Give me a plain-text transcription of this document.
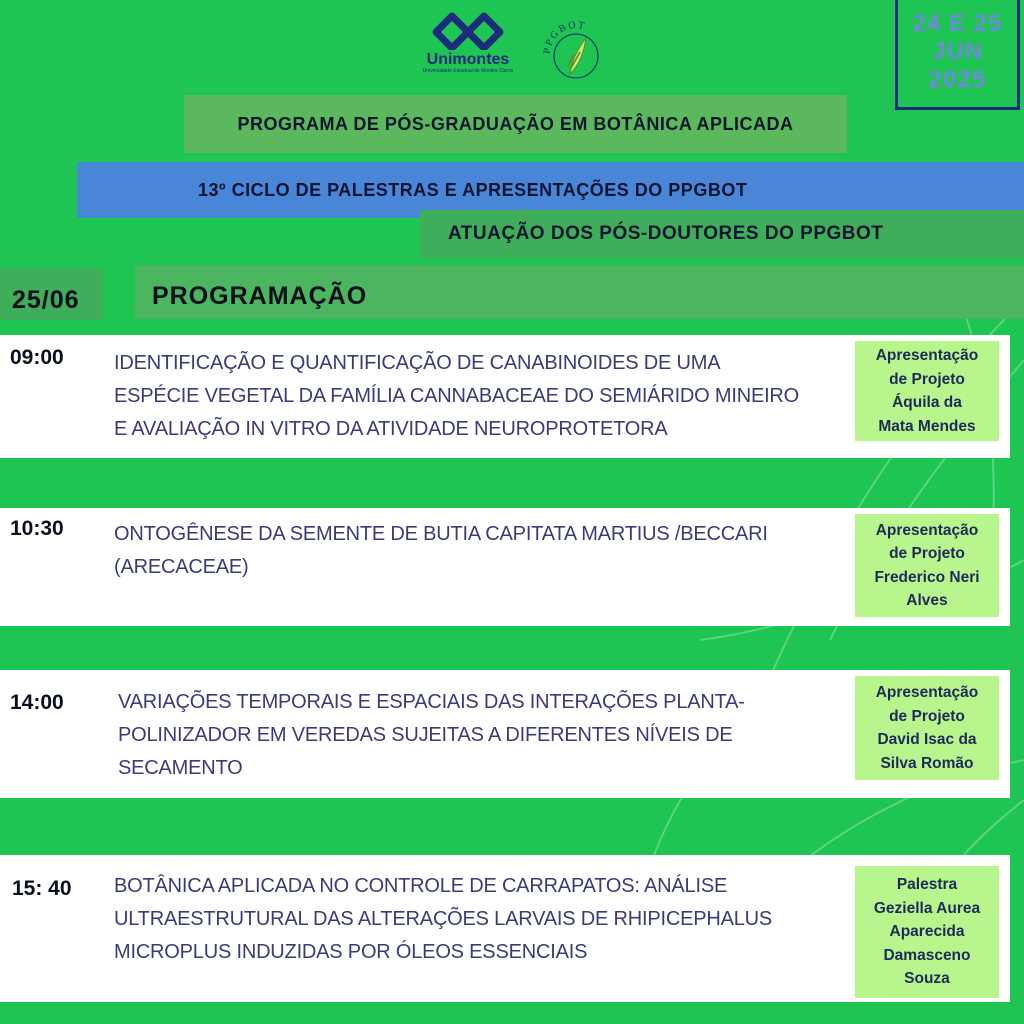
Unimontes
Universidade Estadual de Montes Claros
PPGBOT	24 E 25
JUN
2025
PROGRAMA DE PÓS-GRADUAÇÃO EM BOTÂNICA APLICADA
13º CICLO DE PALESTRAS E APRESENTAÇÕES DO PPGBOT
ATUAÇÃO DOS PÓS-DOUTORES DO PPGBOT
25/06	PROGRAMAÇÃO
09:00	IDENTIFICAÇÃO E QUANTIFICAÇÃO DE CANABINOIDES DE UMA
ESPÉCIE VEGETAL DA FAMÍLIA CANNABACEAE DO SEMIÁRIDO MINEIRO
E AVALIAÇÃO IN VITRO DA ATIVIDADE NEUROPROTETORA
Apresentação
de Projeto
Áquila da
Mata Mendes
10:30	ONTOGÊNESE DA SEMENTE DE BUTIA CAPITATA MARTIUS /BECCARI
(ARECACEAE)
Apresentação
de Projeto
Frederico Neri
Alves
14:00	VARIAÇÕES TEMPORAIS E ESPACIAIS DAS INTERAÇÕES PLANTA-
POLINIZADOR EM VEREDAS SUJEITAS A DIFERENTES NÍVEIS DE
SECAMENTO
Apresentação
de Projeto
David Isac da
Silva Romão
15: 40 BOTÂNICA APLICADA NO CONTROLE DE CARRAPATOS: ANÁLISE
ULTRAESTRUTURAL DAS ALTERAÇÕES LARVAIS DE RHIPICEPHALUS
MICROPLUS INDUZIDAS POR ÓLEOS ESSENCIAIS
Palestra
Geziella Aurea
Aparecida
Damasceno
Souza
